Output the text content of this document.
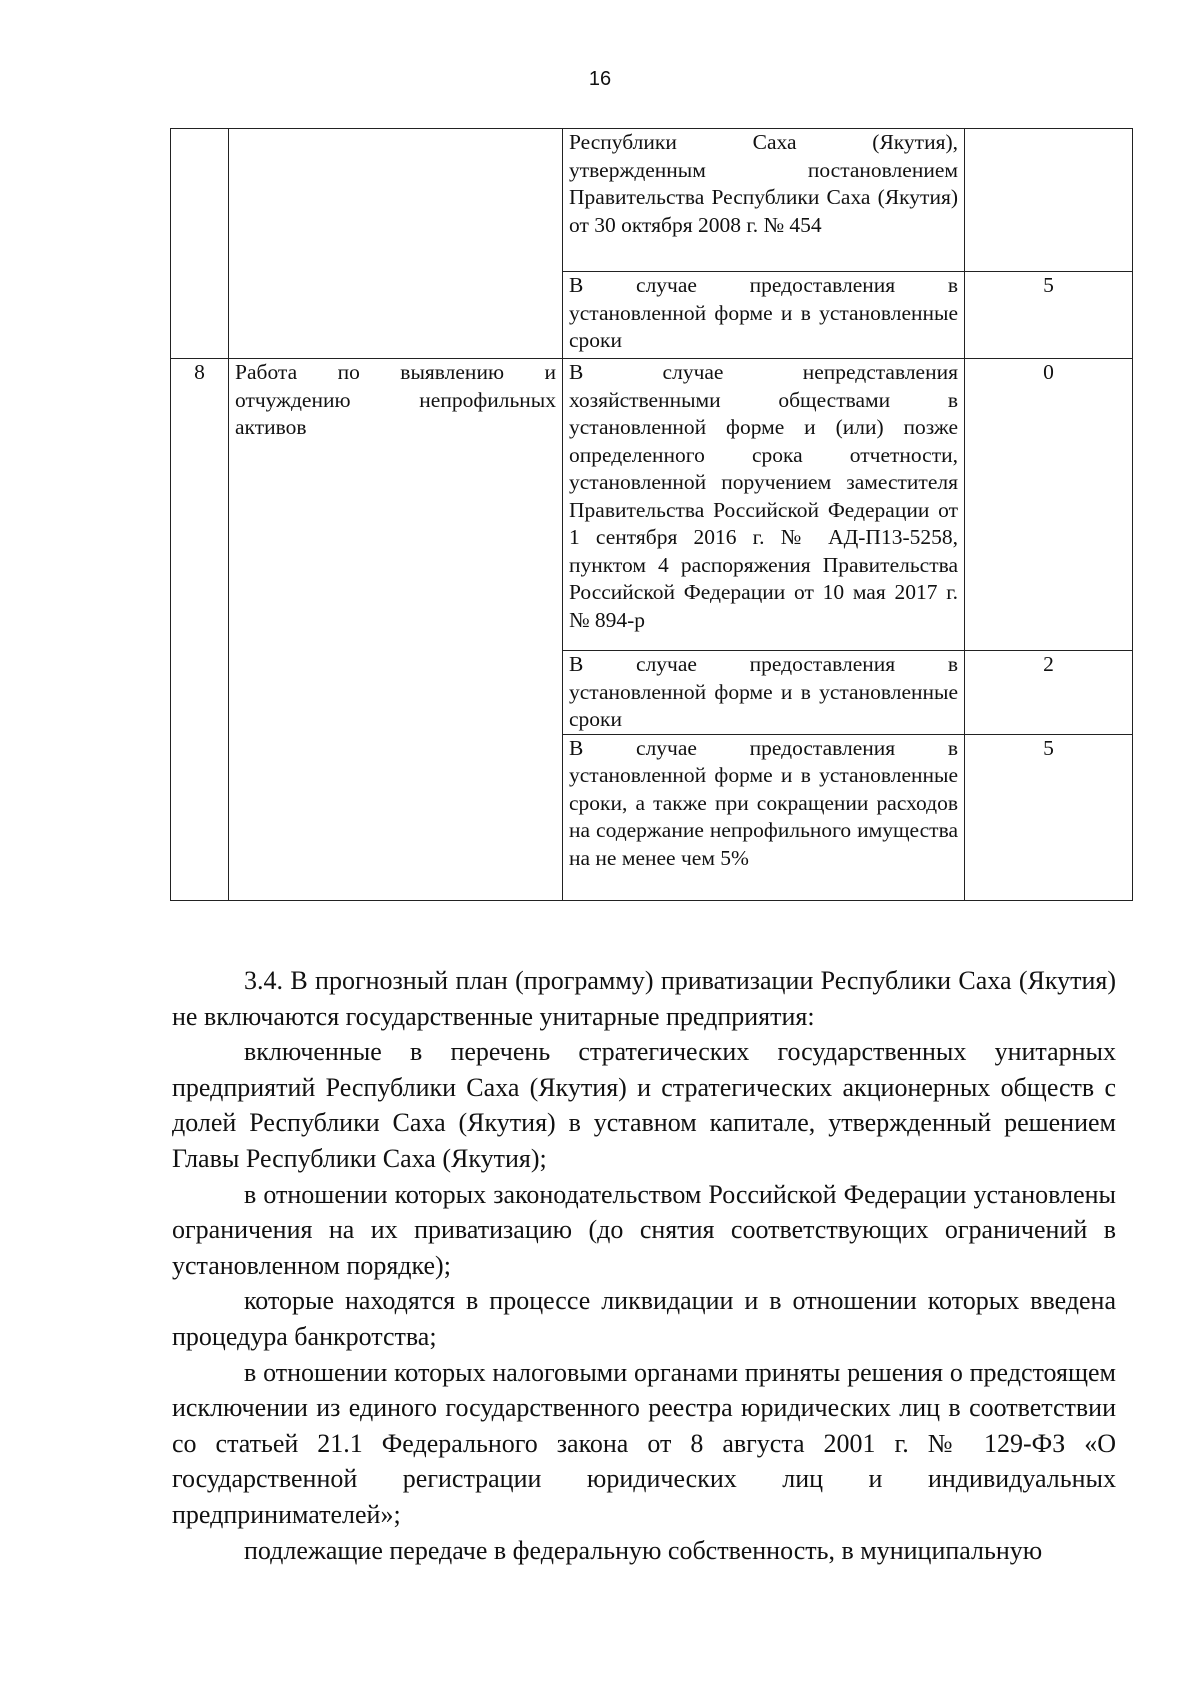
16
		Республики Саха (Якутия), утвержденным постановлением Правительства Республики Саха (Якутия) от 30 октября 2008 г. № 454	
		В случае предоставления в установленной форме и в установленные сроки	5
8	Работа по выявлению и отчуждению непрофильных активов	В случае непредставления хозяйственными обществами в установленной форме и (или) позже определенного срока отчетности, установленной поручением заместителя Правительства Российской Федерации от 1 сентября 2016 г. № АД-П13-5258, пунктом 4 распоряжения Правительства Российской Федерации от 10 мая 2017 г. № 894-р	0
		В случае предоставления в установленной форме и в установленные сроки	2
		В случае предоставления в установленной форме и в установленные сроки, а также при сокращении расходов на содержание непрофильного имущества на не менее чем 5%	5

3.4. В прогнозный план (программу) приватизации Республики Саха (Якутия) не включаются государственные унитарные предприятия:

включенные в перечень стратегических государственных унитарных предприятий Республики Саха (Якутия) и стратегических акционерных обществ с долей Республики Саха (Якутия) в уставном капитале, утвержденный решением Главы Республики Саха (Якутия);

в отношении которых законодательством Российской Федерации установлены ограничения на их приватизацию (до снятия соответствующих ограничений в установленном порядке);

которые находятся в процессе ликвидации и в отношении которых введена процедура банкротства;

в отношении которых налоговыми органами приняты решения о предстоящем исключении из единого государственного реестра юридических лиц в соответствии со статьей 21.1 Федерального закона от 8 августа 2001 г. № 129-ФЗ «О государственной регистрации юридических лиц и индивидуальных предпринимателей»;

подлежащие передаче в федеральную собственность, в муниципальную
